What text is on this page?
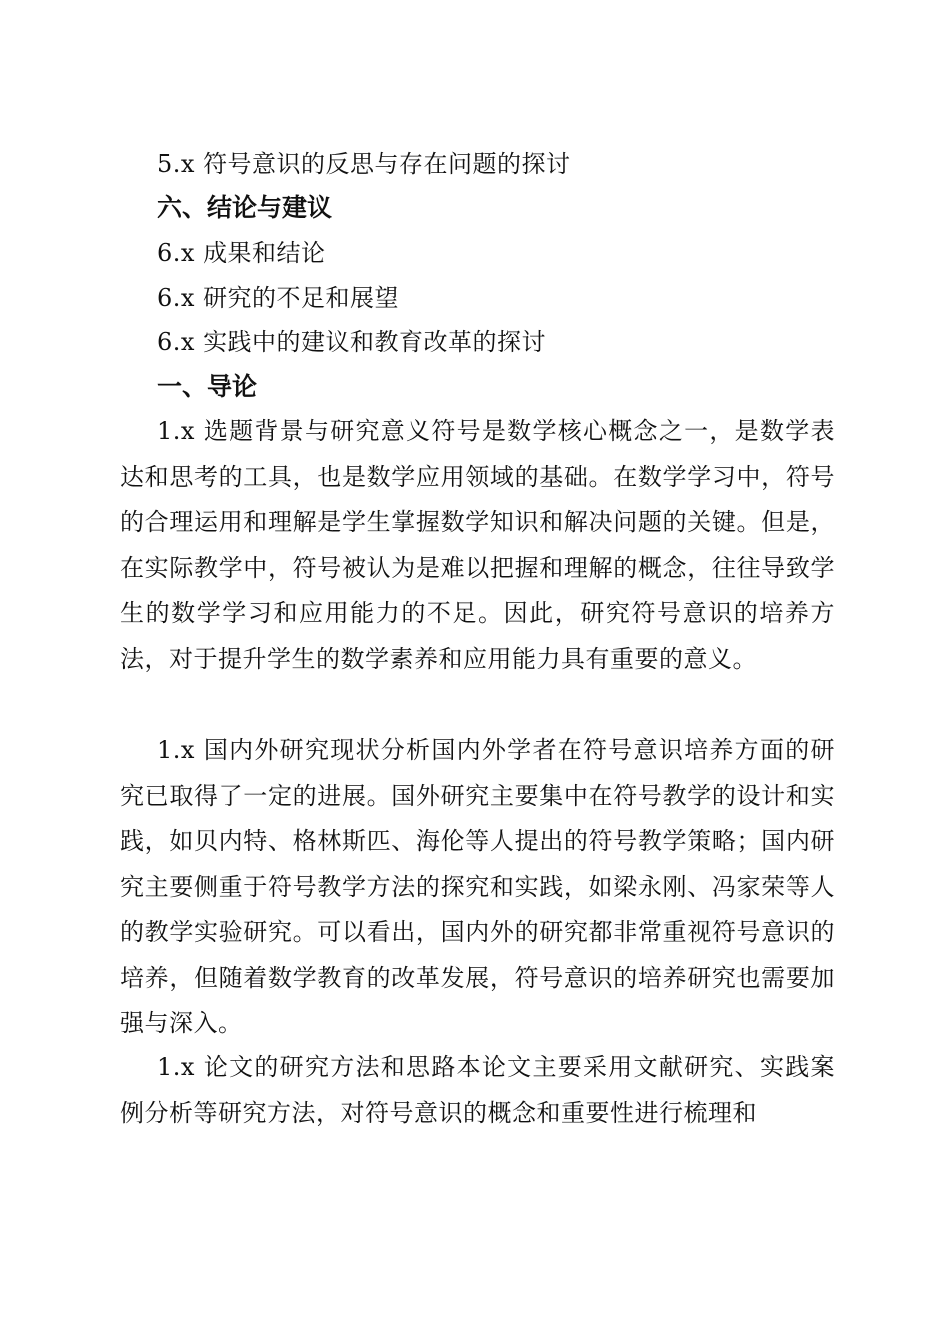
5.x 符号意识的反思与存在问题的探讨
六、结论与建议
6.x 成果和结论
6.x 研究的不足和展望
6.x 实践中的建议和教育改革的探讨
一、导论
1.x 选题背景与研究意义符号是数学核心概念之一，是数学表达和思考的工具，也是数学应用领域的基础。在数学学习中，符号的合理运用和理解是学生掌握数学知识和解决问题的关键。但是，在实际教学中，符号被认为是难以把握和理解的概念，往往导致学生的数学学习和应用能力的不足。因此，研究符号意识的培养方法，对于提升学生的数学素养和应用能力具有重要的意义。
1.x 国内外研究现状分析国内外学者在符号意识培养方面的研究已取得了一定的进展。国外研究主要集中在符号教学的设计和实践，如贝内特、格林斯匹、海伦等人提出的符号教学策略；国内研究主要侧重于符号教学方法的探究和实践，如梁永刚、冯家荣等人的教学实验研究。可以看出，国内外的研究都非常重视符号意识的培养，但随着数学教育的改革发展，符号意识的培养研究也需要加强与深入。
1.x 论文的研究方法和思路本论文主要采用文献研究、实践案例分析等研究方法，对符号意识的概念和重要性进行梳理和
